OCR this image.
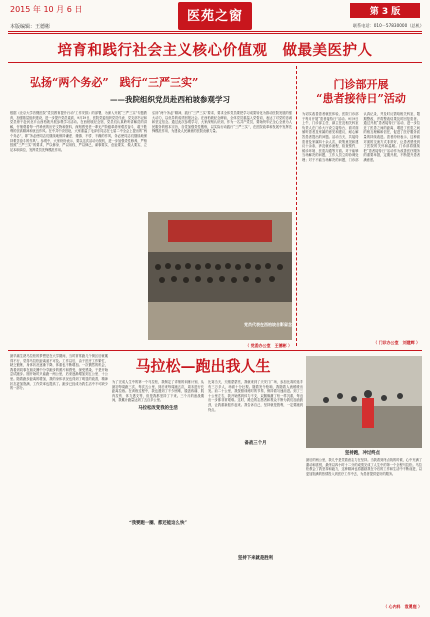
2015 年 10 月 6 日
本版编辑：王德彬
医苑之窗	第 3 版
联系电话：010－57830000（总机）
培育和践行社会主义核心价值观　做最美医护人
弘扬“两个务必”　践行“三严三实”
——我院组织党员赴西柏坡参观学习
根据《北京大学首钢医院“党员教育提升行动”工作安排》的部署，为深入开展“三严三实”专题教育，加强基层组织建设，进一步提升党员素质，9月19日，医院党委组织党员代表、党支部书记和党员骨干赴河北平山西柏坡开展参观学习活动。在西柏坡纪念馆，党员们认真聆听讲解员的讲解，仔细观看每一件珍贵的历史文物和资料，深刻感受老一辈无产阶级革命家艰苦奋斗、敢于胜利的崇高精神和优良作风。在中共中央旧址，大家重温了毛泽东同志在七届二中全会上提出的“两个务必”，即“务必使同志们继续地保持谦虚、谨慎、不骄、不躁的作风，务必使同志们继续地保持艰苦奋斗的作风”。参观中，大家纷纷表示，要以这次活动为契机，进一步加强党性修养，严格按照“三严三实”的要求，严以修身、严以用权、严以律己，谋事要实、创业要实、做人要实，立足本职岗位，发挥党员先锋模范作用。
弘扬“两个务必”精神，践行“三严三实”要求，要求全体党员要把学习成果转化为推动医院发展的强大动力，以优异的成绩回报社会。在西柏坡纪念碑前，全体党员重温入党誓词，表达了对党的忠诚和坚定信念。通过此次参观学习，大家深刻认识到，作为一名共产党员，要始终牢记全心全意为人民服务的根本宗旨，自觉加强党性锻炼，以实际行动践行“三严三实”，在医院改革和发展中发挥先锋模范作用，为建设人民满意的医院贡献力量。
党员代表在西柏坡合影留念
（ 党委办公室　王德彬 ）
门诊部开展
“患者接待日”活动
为切实改善患者就医体验，医院门诊部于每月开展“患者接待日”活动。9月9日上午，门诊部主任、副主任及相关科室负责人在门诊大厅设立接待台，面对面倾听患者及家属的意见和建议，耐心解答患者提出的问题。活动当天，共接待患者及家属四十余人次，收集意见和建议十余条，涉及就诊流程、检查预约、候诊环境、医患沟通等方面。对于能够当场解决的问题，工作人员立即协调处理；对于不能当场解决的问题，门诊部认真记录，并及时反馈给相关科室，限期整改，并将整改结果及时回复患者。通过开展“患者接待日”活动，进一步拉近了医患之间的距离，增进了医患之间的相互理解和信任，促进了医疗服务质量的持续改进。患者纷纷表示，这种面对面的交流方式非常好，让患者感受到了医院的关怀和温暖。门诊部将继续把“患者接待日”活动作为改善医疗服务的重要举措，定期开展，不断提升患者满意度。
（ 门诊办公室　刘建辉 ）
马拉松—跑出我人生
最早痛生熟马拉松的梦想是在大学期间，当时常常跑几个街区后就累得不行，觉得马拉松距离遥不可及。工作以后，由于医疗工作繁忙，缺乏锻炼，身体状况逐渐下降，体重也不断增加。一次偶然的机会，我看到同事在朋友圈中分享跑步的照片和感受，深受感染，于是开始尝试跑步。刚开始时只能跑一两公里，后来逐渐增加到五公里、十公里。随着跑步距离的增加，我的身体状况也得到了明显的改善，精神状态更加饱满，工作效率也提高了。跑步已经成为我生活中不可缺少的一部分。
为了完成人生中的第一个马拉松，我制定了详细的训练计划，从最初每周跑三次，每次五公里，到后来每周跑五次，周末进行长距离拉练。在训练过程中，我也遇到了不少困难，膝盖疼痛、肌肉拉伤、体力透支等，但是我都坚持了下来。三个月的备战期间，我累计跑量达到了五百多公里。
马拉松改变我的生活
比赛当天，天刚蒙蒙亮，我就来到了天安门广场，参加比赛的选手有三万多人，场面十分壮观。随着发令枪响，我随着人流缓缓出发。前二十公里，我按照训练时的节奏，保持着匀速前进。到了三十公里左右，我开始感到体力不支，双腿像灌了铅一样沉重，每迈出一步都非常艰难。这时，路边的志愿者和观众不断为我们加油鼓劲，让我重新振作起来。我告诉自己，坚持就是胜利，一定要跑到终点。
备战三个月
“我要跑一圈、都还能这么快”
坚持下来就是胜利
坚持跑，冲过终点
最后的两公里，我几乎是凭着意志力在坚持。当我看到终点线的时候，心中充满了激动和喜悦，最终以四小时十二分的成绩完成了人生中的第一个全程马拉松。马拉松教会了我坚持和毅力，这种精神也将激励我在今后的工作和生活中不断前进，以更加饱满的热情投入到医疗工作中去，为患者提供更好的服务。
（ 心内科　袁勇庭 ）
